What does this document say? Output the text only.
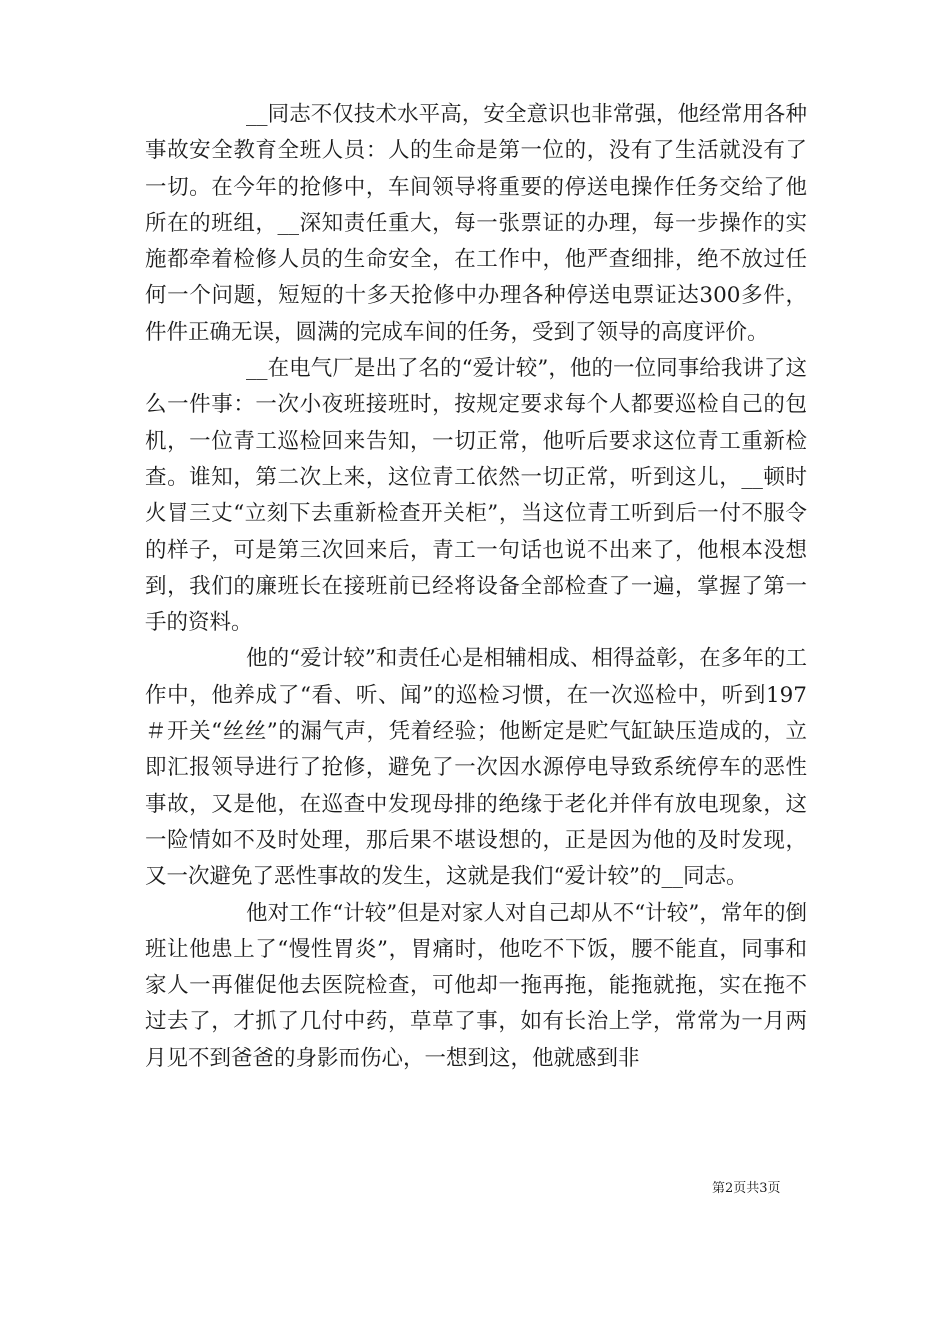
__同志不仅技术水平高，安全意识也非常强，他经常用各种事故安全教育全班人员：人的生命是第一位的，没有了生活就没有了一切。在今年的抢修中，车间领导将重要的停送电操作任务交给了他所在的班组，__深知责任重大，每一张票证的办理，每一步操作的实施都牵着检修人员的生命安全，在工作中，他严查细排，绝不放过任何一个问题，短短的十多天抢修中办理各种停送电票证达300多件，件件正确无误，圆满的完成车间的任务，受到了领导的高度评价。

__在电气厂是出了名的“爱计较”，他的一位同事给我讲了这么一件事：一次小夜班接班时，按规定要求每个人都要巡检自己的包机，一位青工巡检回来告知，一切正常，他听后要求这位青工重新检查。谁知，第二次上来，这位青工依然一切正常，听到这儿，__顿时火冒三丈“立刻下去重新检查开关柜”，当这位青工听到后一付不服令的样子，可是第三次回来后，青工一句话也说不出来了，他根本没想到，我们的廉班长在接班前已经将设备全部检查了一遍，掌握了第一手的资料。

他的“爱计较”和责任心是相辅相成、相得益彰，在多年的工作中，他养成了“看、听、闻”的巡检习惯，在一次巡检中，听到197＃开关“丝丝”的漏气声，凭着经验；他断定是贮气缸缺压造成的，立即汇报领导进行了抢修，避免了一次因水源停电导致系统停车的恶性事故，又是他，在巡查中发现母排的绝缘于老化并伴有放电现象，这一险情如不及时处理，那后果不堪设想的，正是因为他的及时发现，又一次避免了恶性事故的发生，这就是我们“爱计较”的__同志。

他对工作“计较”但是对家人对自己却从不“计较”，常年的倒班让他患上了“慢性胃炎”，胃痛时，他吃不下饭，腰不能直，同事和家人一再催促他去医院检查，可他却一拖再拖，能拖就拖，实在拖不过去了，才抓了几付中药，草草了事，如有长治上学，常常为一月两月见不到爸爸的身影而伤心，一想到这，他就感到非

第2页共3页
